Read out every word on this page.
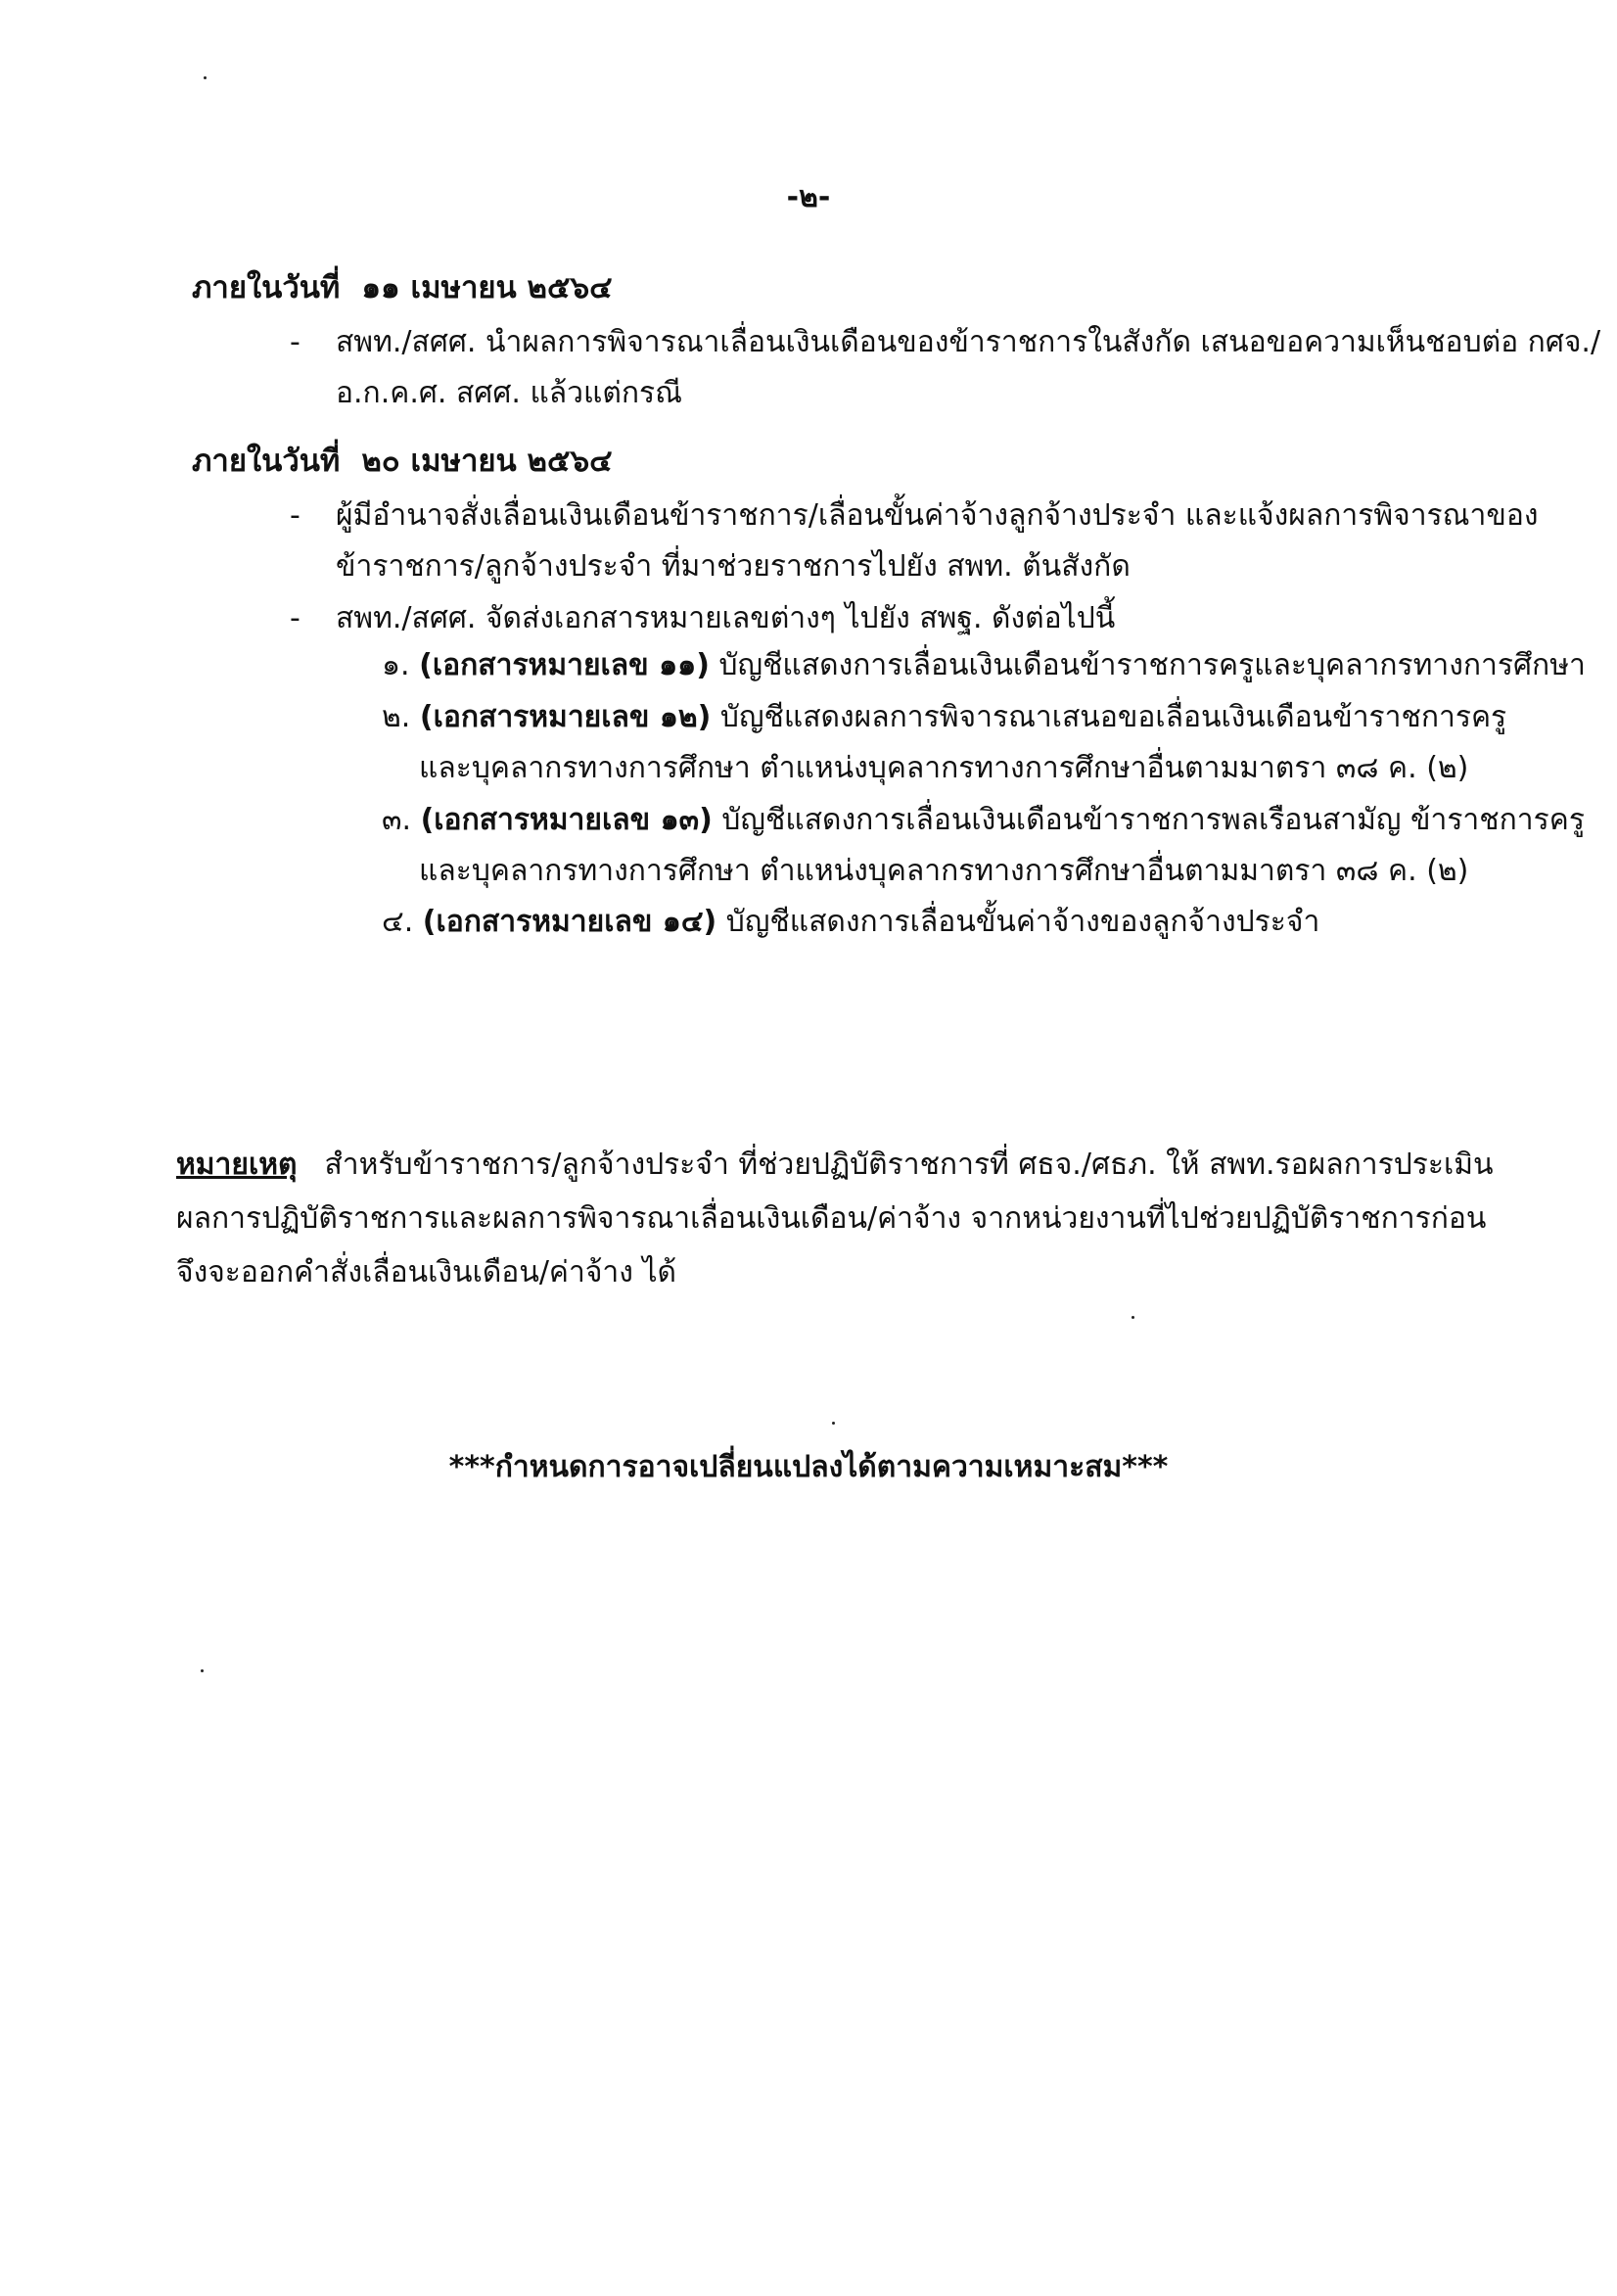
-๒-
ภายในวันที่ ๑๑ เมษายน ๒๕๖๔
- สพท./สศศ. นำผลการพิจารณาเลื่อนเงินเดือนของข้าราชการในสังกัด เสนอขอความเห็นชอบต่อ กศจ./
อ.ก.ค.ศ. สศศ. แล้วแต่กรณี
ภายในวันที่ ๒๐ เมษายน ๒๕๖๔
- ผู้มีอำนาจสั่งเลื่อนเงินเดือนข้าราชการ/เลื่อนขั้นค่าจ้างลูกจ้างประจำ และแจ้งผลการพิจารณาของ
ข้าราชการ/ลูกจ้างประจำ ที่มาช่วยราชการไปยัง สพท. ต้นสังกัด
- สพท./สศศ. จัดส่งเอกสารหมายเลขต่างๆ ไปยัง สพฐ. ดังต่อไปนี้
๑. (เอกสารหมายเลข ๑๑) บัญชีแสดงการเลื่อนเงินเดือนข้าราชการครูและบุคลากรทางการศึกษา
๒. (เอกสารหมายเลข ๑๒) บัญชีแสดงผลการพิจารณาเสนอขอเลื่อนเงินเดือนข้าราชการครู
และบุคลากรทางการศึกษา ตำแหน่งบุคลากรทางการศึกษาอื่นตามมาตรา ๓๘ ค. (๒)
๓. (เอกสารหมายเลข ๑๓) บัญชีแสดงการเลื่อนเงินเดือนข้าราชการพลเรือนสามัญ ข้าราชการครู
และบุคลากรทางการศึกษา ตำแหน่งบุคลากรทางการศึกษาอื่นตามมาตรา ๓๘ ค. (๒)
๔. (เอกสารหมายเลข ๑๔) บัญชีแสดงการเลื่อนขั้นค่าจ้างของลูกจ้างประจำ
หมายเหตุ สำหรับข้าราชการ/ลูกจ้างประจำ ที่ช่วยปฏิบัติราชการที่ ศธจ./ศธภ. ให้ สพท.รอผลการประเมิน
ผลการปฏิบัติราชการและผลการพิจารณาเลื่อนเงินเดือน/ค่าจ้าง จากหน่วยงานที่ไปช่วยปฏิบัติราชการก่อน
จึงจะออกคำสั่งเลื่อนเงินเดือน/ค่าจ้าง ได้
***กำหนดการอาจเปลี่ยนแปลงได้ตามความเหมาะสม***
